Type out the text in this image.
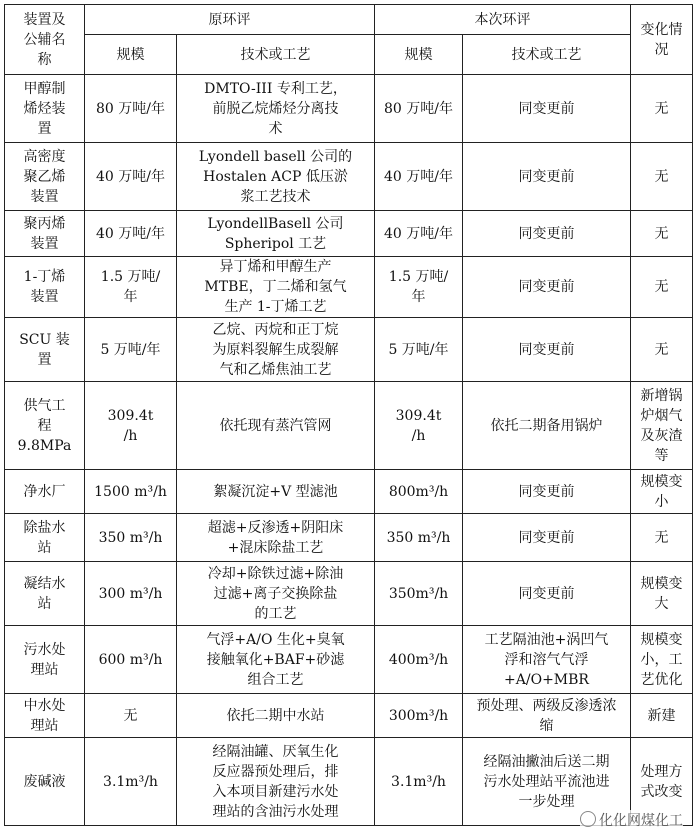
装置及
公辅名
称	原环评		本次环评		变化情
况

	规模	技术或工艺	规模	技术或工艺	

甲醇制
烯烃装
置	80 万吨/年	DMTO-III 专利工艺，
前脱乙烷烯烃分离技
术	80 万吨/年	同变更前	无

高密度
聚乙烯
装置	40 万吨/年	Lyondell basell 公司的
Hostalen ACP 低压淤
浆工艺技术	40 万吨/年	同变更前	无

聚丙烯
装置	40 万吨/年	LyondellBasell 公司
Spheripol 工艺	40 万吨/年	同变更前	无

1-丁烯
装置	1.5 万吨/
年	异丁烯和甲醇生产
MTBE，丁二烯和氢气
生产 1-丁烯工艺	1.5 万吨/
年	同变更前	无

SCU 装
置	5 万吨/年	乙烷、丙烷和正丁烷
为原料裂解生成裂解
气和乙烯焦油工艺	5 万吨/年	同变更前	无

供气工
程
9.8MPa	309.4t
/h	依托现有蒸汽管网	309.4t
/h	依托二期备用锅炉	新增锅
炉烟气
及灰渣
等

净水厂	1500 m³/h	絮凝沉淀+V 型滤池	800m³/h	同变更前	规模变
小

除盐水
站	350 m³/h	超滤+反渗透+阴阳床
+混床除盐工艺	350 m³/h	同变更前	无

凝结水
站	300 m³/h	冷却+除铁过滤+除油
过滤+离子交换除盐
的工艺	350m³/h	同变更前	规模变
大

污水处
理站	600 m³/h	气浮+A/O 生化+臭氧
接触氧化+BAF+砂滤
组合工艺	400m³/h	工艺隔油池+涡凹气
浮和溶气气浮
+A/O+MBR	规模变
小，工
艺优化

中水处
理站	无	依托二期中水站	300m³/h	预处理、两级反渗透浓
缩	新建

废碱液	3.1m³/h	经隔油罐、厌氧生化
反应器预处理后，排
入本项目新建污水处
理站的含油污水处理	3.1m³/h	经隔油撇油后送二期
污水处理站平流池进
一步处理	处理方
式改变
化化网煤化工
